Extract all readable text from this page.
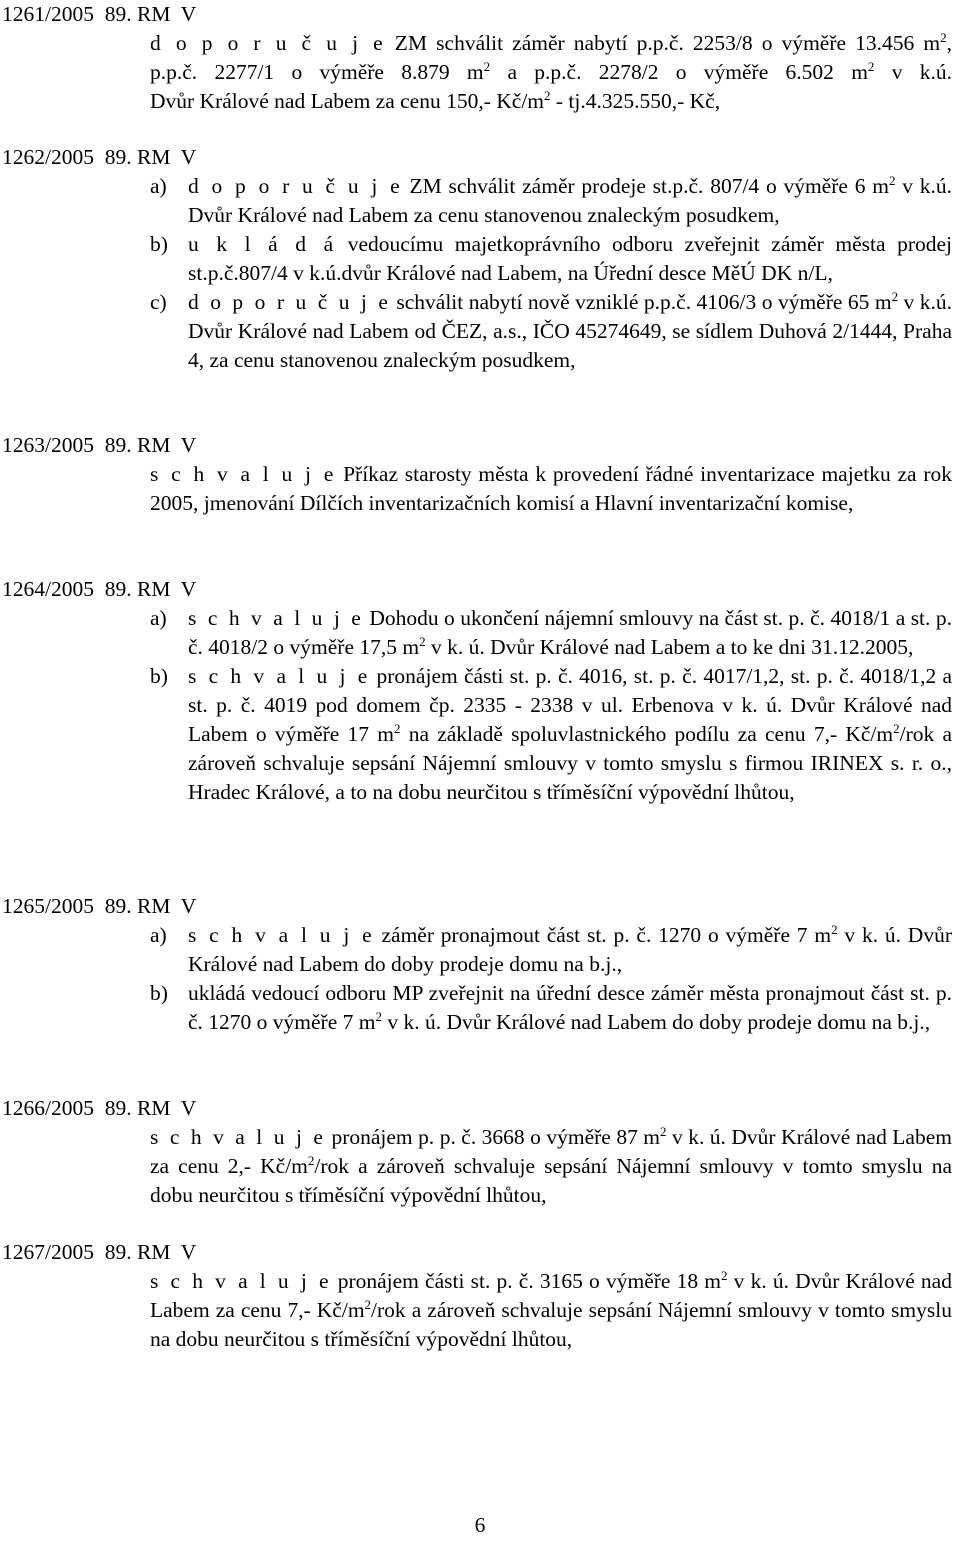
1261/2005  89. RM  V
d o p o r u č u j e ZM schválit záměr nabytí p.p.č. 2253/8 o výměře 13.456 $m^2$,
p.p.č. 2277/1 o výměře 8.879 $m^2$ a p.p.č. 2278/2 o výměře 6.502 $m^2$ v k.ú.
Dvůr Králové nad Labem za cenu 150,- $Kč/m^2 - tj.4.325.550,-$ Kč,
1262/2005  89. RM  V
a) d o p o r u č u j e ZM schválit záměr prodeje st.p.č. 807/4 o výměře 6 $m^2$ v k.ú. Dvůr Králové nad Labem za cenu stanovenou znaleckým posudkem,
b) u k l á d á vedoucímu majetkoprávního odboru zveřejnit záměr města prodej st.p.č.807/4 v k.ú.dvůr Králové nad Labem, na Úřední desce MěÚ DK n/L,
c) d o p o r u č u j e schválit nabytí nově vzniklé p.p.č. 4106/3 o výměře 65 $m^2$ v k.ú. Dvůr Králové nad Labem od ČEZ, a.s., IČO 45274649, se sídlem Duhová 2/1444, Praha 4, za cenu stanovenou znaleckým posudkem,
1263/2005  89. RM  V
s c h v a l u j e Příkaz starosty města k provedení řádné inventarizace majetku za rok 2005, jmenování Dílčích inventarizačních komisí a Hlavní inventarizační komise,
1264/2005  89. RM  V
a) s c h v a l u j e Dohodu o ukončení nájemní smlouvy na část st. p. č. 4018/1 a st. p. č. 4018/2 o výměře 17,5 $m^2$ v k. ú. Dvůr Králové nad Labem a to ke dni 31.12.2005,
b) s c h v a l u j e pronájem části st. p. č. 4016, st. p. č. 4017/1,2, st. p. č. 4018/1,2 a st. p. č. 4019 pod domem čp. 2335 - 2338 v ul. Erbenova v k. ú. Dvůr Králové nad Labem o výměře 17 $m^2$ na základě spoluvlastnického podílu za cenu 7,- $Kč/m^2$/rok a zároveň schvaluje sepsání Nájemní smlouvy v tomto smyslu s firmou IRINEX s. r. o., Hradec Králové, a to na dobu neurčitou s tříměsíční výpovědní lhůtou,
1265/2005  89. RM  V
a) s c h v a l u j e záměr pronajmout část st. p. č. 1270 o výměře 7 $m^2$ v k. ú. Dvůr Králové nad Labem do doby prodeje domu na b.j.,
b) ukládá vedoucí odboru MP zveřejnit na úřední desce záměr města pronajmout část st. p. č. 1270 o výměře 7 $m^2$ v k. ú. Dvůr Králové nad Labem do doby prodeje domu na b.j.,
1266/2005  89. RM  V
s c h v a l u j e pronájem p. p. č. 3668 o výměře 87 $m^2$ v k. ú. Dvůr Králové nad Labem za cenu 2,- $Kč/m^2$/rok a zároveň schvaluje sepsání Nájemní smlouvy v tomto smyslu na dobu neurčitou s tříměsíční výpovědní lhůtou,
1267/2005  89. RM  V
s c h v a l u j e pronájem části st. p. č. 3165 o výměře 18 $m^2$ v k. ú. Dvůr Králové nad Labem za cenu 7,- $Kč/m^2$/rok a zároveň schvaluje sepsání Nájemní smlouvy v tomto smyslu na dobu neurčitou s tříměsíční výpovědní lhůtou,
6
